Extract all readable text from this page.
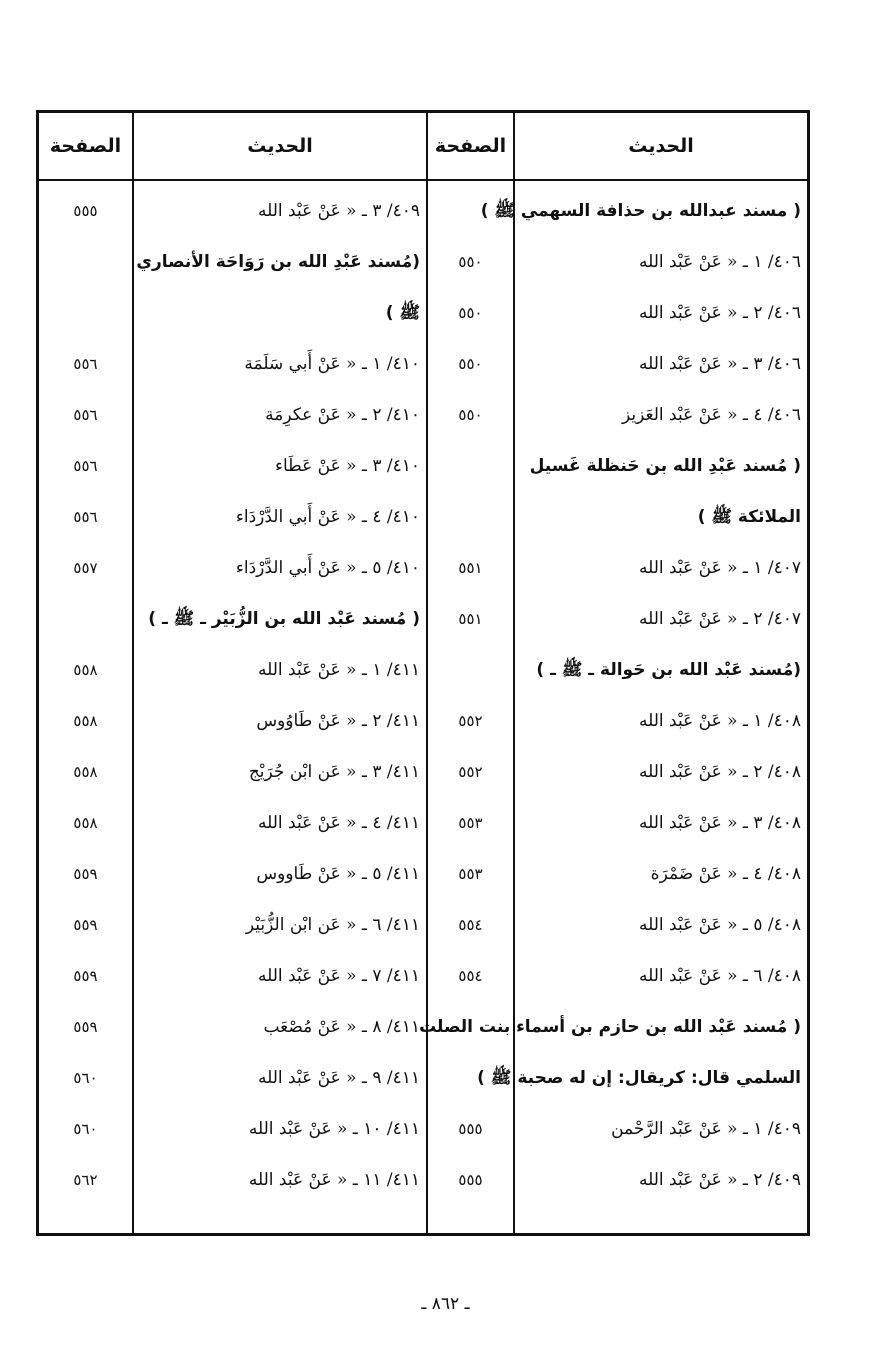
الحديث
الصفحة
الحديث
الصفحة
( مسند عبدالله بن حذافة السهمي ﷺ )
٤٠٩/ ٣ ـ « عَنْ عَبْد الله
٥٥٥
٤٠٦/ ١ ـ « عَنْ عَبْد الله
٥٥٠
(مُسند عَبْدِ الله بن رَوَاحَة الأنصاري
٤٠٦/ ٢ ـ « عَنْ عَبْد الله
٥٥٠
ﷺ )
٤٠٦/ ٣ ـ « عَنْ عَبْد الله
٥٥٠
٤١٠/ ١ ـ « عَنْ أَبي سَلَمَة
٥٥٦
٤٠٦/ ٤ ـ « عَنْ عَبْد العَزيز
٥٥٠
٤١٠/ ٢ ـ « عَنْ عكرِمَة
٥٥٦
( مُسند عَبْدِ الله بن حَنظلة غَسيل
٤١٠/ ٣ ـ « عَنْ عَطَاء
٥٥٦
الملائكة ﷺ )
٤١٠/ ٤ ـ « عَنْ أَبي الدَّرْدَاء
٥٥٦
٤٠٧/ ١ ـ « عَنْ عَبْد الله
٥٥١
٤١٠/ ٥ ـ « عَنْ أَبي الدَّرْدَاء
٥٥٧
٤٠٧/ ٢ ـ « عَنْ عَبْد الله
٥٥١
( مُسند عَبْد الله بن الزُّبَيْر ـ ﷺ ـ )
(مُسند عَبْد الله بن حَوالة ـ ﷺ ـ )
٤١١/ ١ ـ « عَنْ عَبْد الله
٥٥٨
٤٠٨/ ١ ـ « عَنْ عَبْد الله
٥٥٢
٤١١/ ٢ ـ « عَنْ طَاوُوس
٥٥٨
٤٠٨/ ٢ ـ « عَنْ عَبْد الله
٥٥٢
٤١١/ ٣ ـ « عَن ابْن جُرَيْج
٥٥٨
٤٠٨/ ٣ ـ « عَنْ عَبْد الله
٥٥٣
٤١١/ ٤ ـ « عَنْ عَبْد الله
٥٥٨
٤٠٨/ ٤ ـ « عَنْ ضَمْرَة
٥٥٣
٤١١/ ٥ ـ « عَنْ طَاووس
٥٥٩
٤٠٨/ ٥ ـ « عَنْ عَبْد الله
٥٥٤
٤١١/ ٦ ـ « عَن ابْن الزُّبَيْر
٥٥٩
٤٠٨/ ٦ ـ « عَنْ عَبْد الله
٥٥٤
٤١١/ ٧ ـ « عَنْ عَبْد الله
٥٥٩
( مُسند عَبْد الله بن حازم بن أسماء بنت الصلت
٤١١/ ٨ ـ « عَنْ مُصْعَب
٥٥٩
السلمي قال: كريقال: إن له صحبة ﷺ )
٤١١/ ٩ ـ « عَنْ عَبْد الله
٥٦٠
٤٠٩/ ١ ـ « عَنْ عَبْد الرَّحْمن
٥٥٥
٤١١/ ١٠ ـ « عَنْ عَبْد الله
٥٦٠
٤٠٩/ ٢ ـ « عَنْ عَبْد الله
٥٥٥
٤١١/ ١١ ـ « عَنْ عَبْد الله
٥٦٢
ـ ٨٦٢ ـ
